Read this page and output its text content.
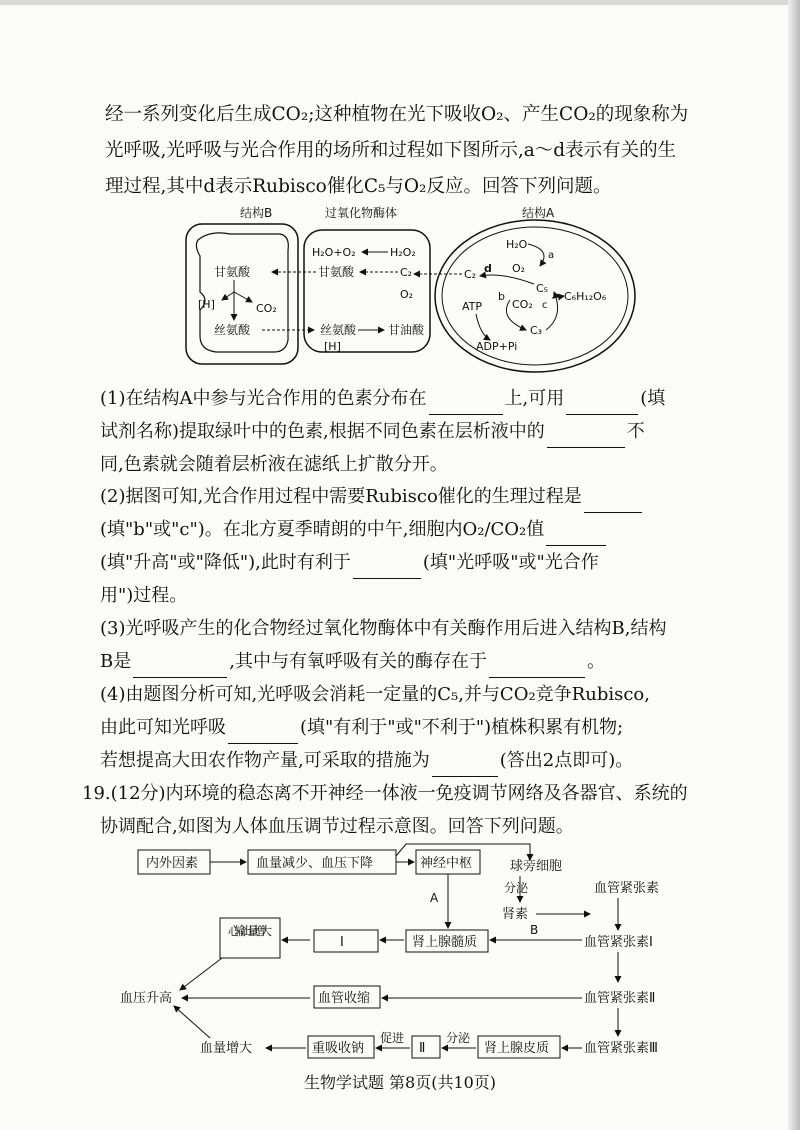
经一系列变化后生成CO₂;这种植物在光下吸收O₂、产生CO₂的现象称为
光呼吸,光呼吸与光合作用的场所和过程如下图所示,a～d表示有关的生
理过程,其中d表示Rubisco催化C₅与O₂反应。回答下列问题。
结构B	过氧化物酶体	结构A
甘氨酸
[H]	CO₂
丝氨酸
H₂O+O₂	H₂O₂
甘氨酸	C₂
O₂
丝氨酸
[H]
甘油酸
C₂ d
H₂O
O₂
a
C₅
b
CO₂ c
C₆H₁₂O₆
ATP
C₃
ADP+Pi
(1)在结构A中参与光合作用的色素分布在	上,可用	(填
试剂名称)提取绿叶中的色素,根据不同色素在层析液中的	不
同,色素就会随着层析液在滤纸上扩散分开。
(2)据图可知,光合作用过程中需要Rubisco催化的生理过程是
(填"b"或"c")。在北方夏季晴朗的中午,细胞内O₂/CO₂值
(填"升高"或"降低"),此时有利于	(填"光呼吸"或"光合作
用")过程。
(3)光呼吸产生的化合物经过氧化物酶体中有关酶作用后进入结构B,结构
B是	,其中与有氧呼吸有关的酶存在于	。
(4)由题图分析可知,光呼吸会消耗一定量的C₅,并与CO₂竞争Rubisco,
由此可知光呼吸	(填"有利于"或"不利于")植株积累有机物;
若想提高大田农作物产量,可采取的措施为	(答出2点即可)。
19.(12分)内环境的稳态离不开神经一体液一免疫调节网络及各器官、系统的
协调配合,如图为人体血压调节过程示意图。回答下列问题。
内外因素	血量减少、血压下降	神经中枢	球旁细胞
分泌	血管紧张素
肾素
A
心输出量增大
Ⅰ	肾上腺髓质
B
血管紧张素Ⅰ
血压升高	血管收缩	血管紧张素Ⅱ
血量增大	重吸收钠
促进
Ⅱ
分泌
肾上腺皮质	血管紧张素Ⅲ
生物学试题 第8页(共10页)
